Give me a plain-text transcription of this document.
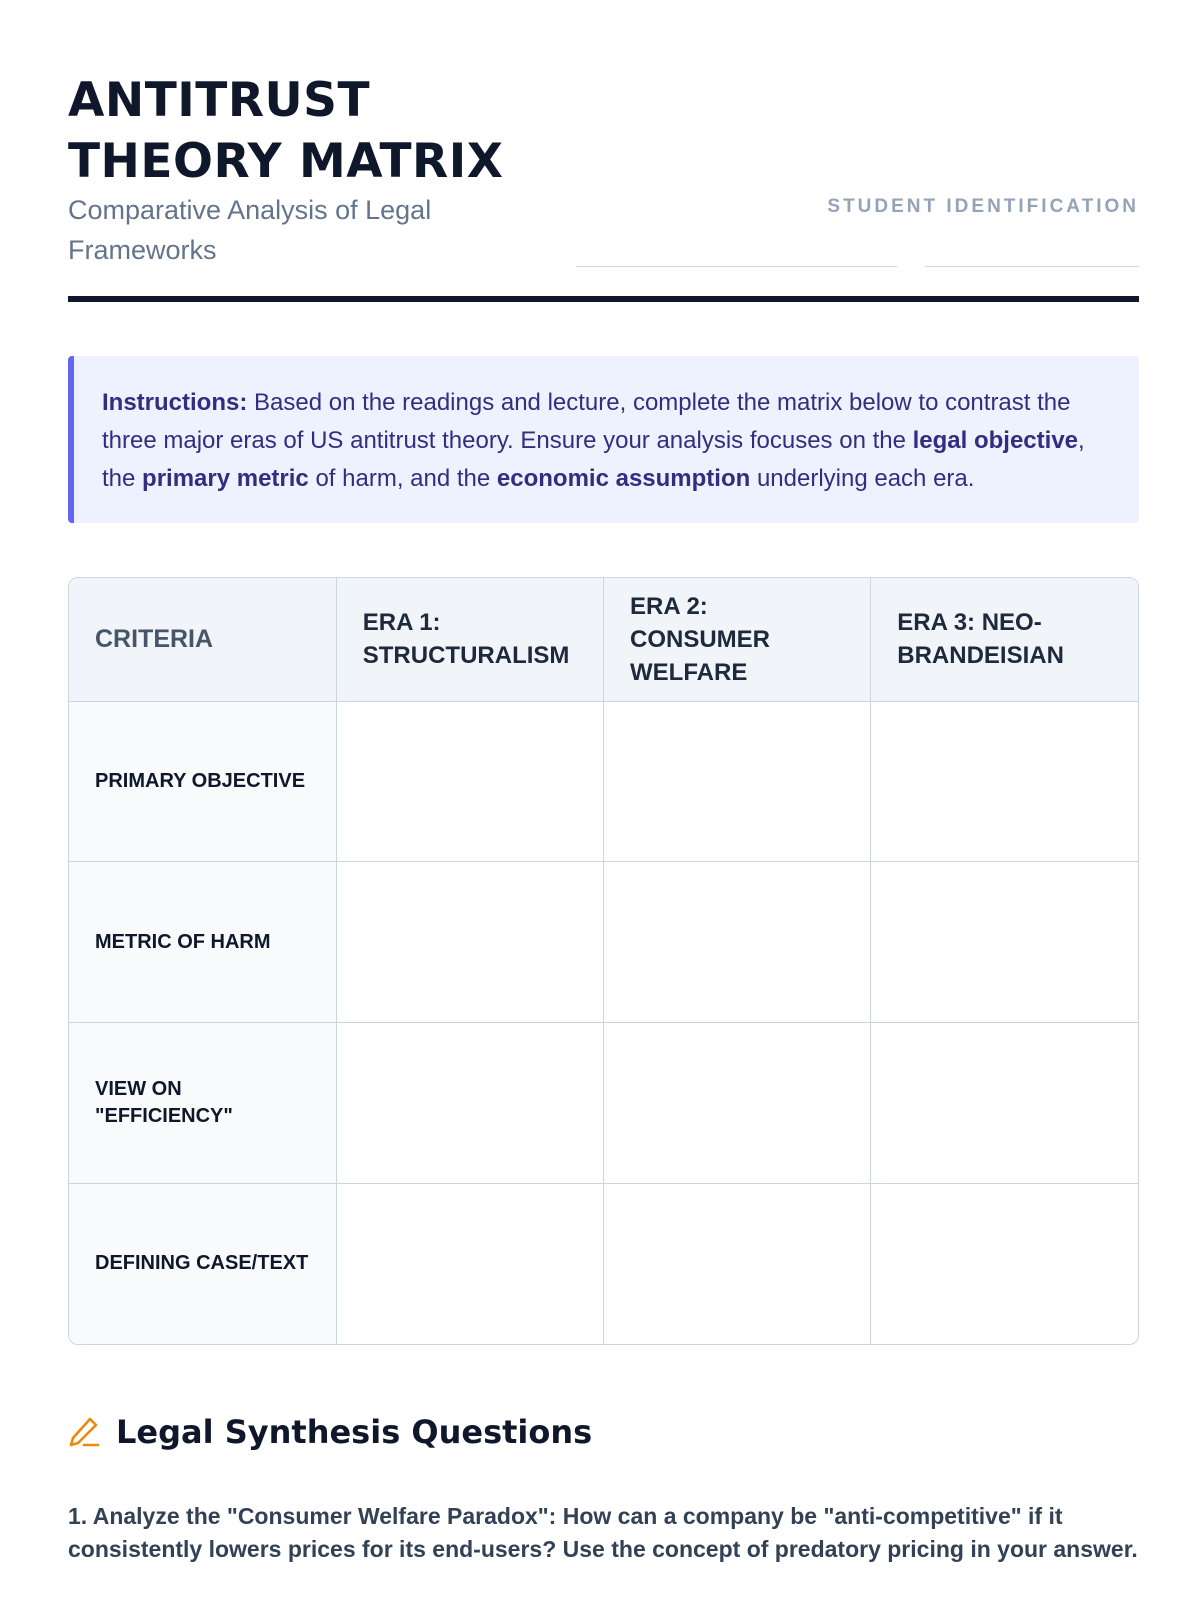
ANTITRUST
THEORY MATRIX
Comparative Analysis of Legal Frameworks
STUDENT IDENTIFICATION
Instructions: Based on the readings and lecture, complete the matrix below to contrast the three major eras of US antitrust theory. Ensure your analysis focuses on the legal objective, the primary metric of harm, and the economic assumption underlying each era.
CRITERIA	ERA 1: STRUCTURALISM	ERA 2: CONSUMER WELFARE	ERA 3: NEO-BRANDEISIAN
PRIMARY OBJECTIVE			
METRIC OF HARM			
VIEW ON "EFFICIENCY"			
DEFINING CASE/TEXT			
Legal Synthesis Questions

1. Analyze the "Consumer Welfare Paradox": How can a company be "anti-competitive" if it consistently lowers prices for its end-users? Use the concept of predatory pricing in your answer.
